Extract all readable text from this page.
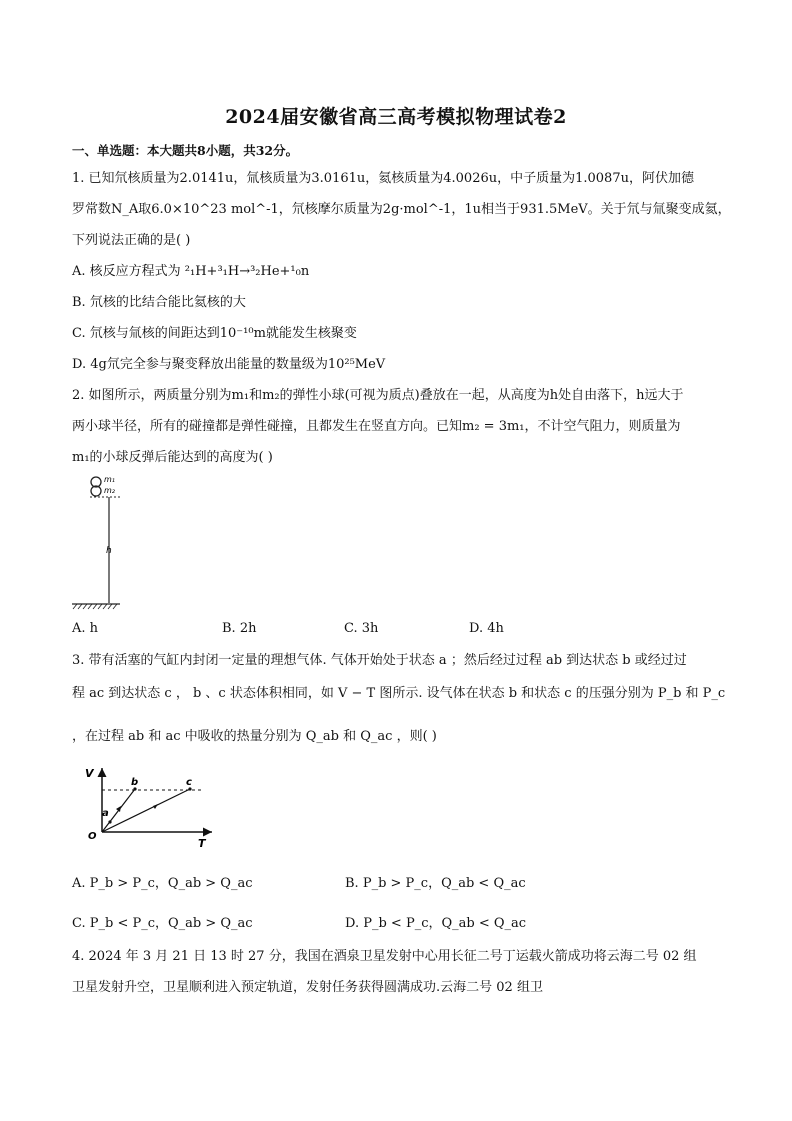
2024届安徽省高三高考模拟物理试卷2
一、单选题：本大题共8小题，共32分。
1. 已知氘核质量为2.0141u，氚核质量为3.0161u，氦核质量为4.0026u，中子质量为1.0087u，阿伏加德
罗常数N_A取6.0×10^23 mol^-1，氘核摩尔质量为2g·mol^-1，1u相当于931.5MeV。关于氘与氚聚变成氦，
下列说法正确的是( )
A. 核反应方程式为 ²₁H+³₁H→³₂He+¹₀n
B. 氘核的比结合能比氦核的大
C. 氘核与氚核的间距达到10⁻¹⁰m就能发生核聚变
D. 4g氘完全参与聚变释放出能量的数量级为10²⁵MeV
2. 如图所示，两质量分别为m₁和m₂的弹性小球(可视为质点)叠放在一起，从高度为h处自由落下，h远大于
两小球半径，所有的碰撞都是弹性碰撞，且都发生在竖直方向。已知m₂ = 3m₁，不计空气阻力，则质量为
m₁的小球反弹后能达到的高度为( )
m₁
m₂
h
A. h	B. 2h	C. 3h	D. 4h
3. 带有活塞的气缸内封闭一定量的理想气体. 气体开始处于状态 a ；然后经过过程 ab 到达状态 b 或经过过
程 ac 到达状态 c ， b 、c 状态体积相同，如 V − T 图所示. 设气体在状态 b 和状态 c 的压强分别为 P_b 和 P_c
，在过程 ab 和 ac 中吸收的热量分别为 Q_ab 和 Q_ac ，则( )
V
T
O
a
b	c
A. P_b > P_c，Q_ab > Q_ac	B. P_b > P_c，Q_ab < Q_ac
C. P_b < P_c，Q_ab > Q_ac	D. P_b < P_c，Q_ab < Q_ac
4. 2024 年 3 月 21 日 13 时 27 分，我国在酒泉卫星发射中心用长征二号丁运载火箭成功将云海二号 02 组
卫星发射升空，卫星顺利进入预定轨道，发射任务获得圆满成功.云海二号 02 组卫
